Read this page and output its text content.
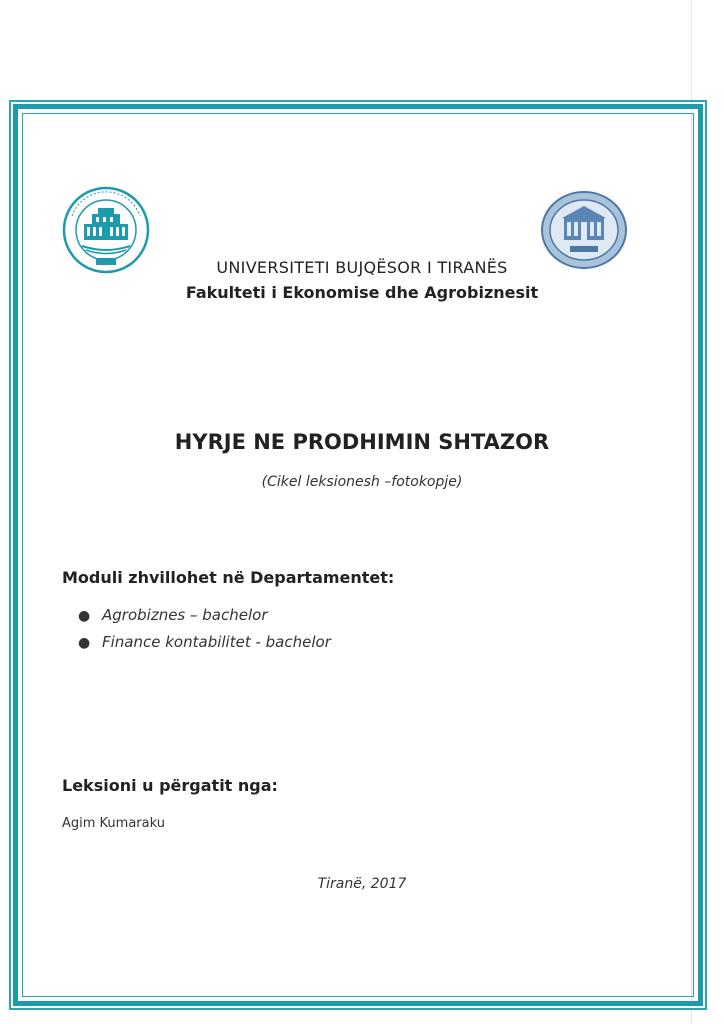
UNIVERSITETI BUJQËSOR I TIRANËS
Fakulteti i Ekonomise dhe Agrobiznesit
HYRJE NE PRODHIMIN SHTAZOR
(Cikel leksionesh –fotokopje)
Moduli zhvillohet në Departamentet:
● Agrobiznes – bachelor
● Finance kontabilitet - bachelor
Leksioni u përgatit nga:
Agim Kumaraku
Tiranë, 2017
